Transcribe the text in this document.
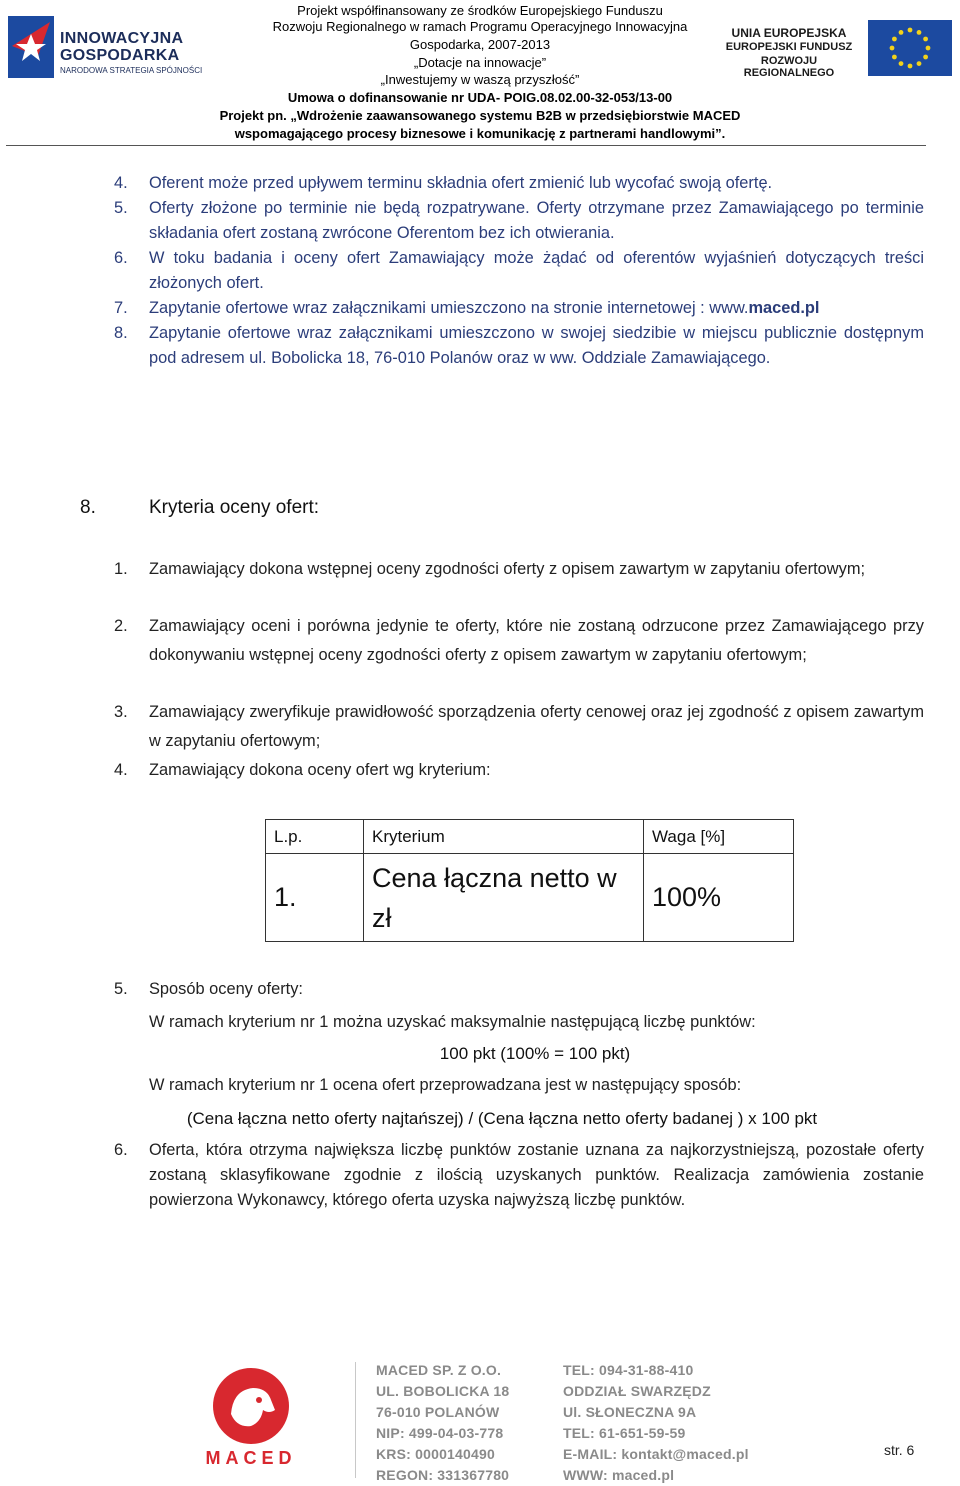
INNOWACYJNA
GOSPODARKA
NARODOWA STRATEGIA SPÓJNOŚCI
Projekt współfinansowany ze środków Europejskiego Funduszu
Rozwoju Regionalnego w ramach Programu Operacyjnego Innowacyjna
Gospodarka, 2007-2013
„Dotacje na innowacje”
„Inwestujemy w waszą przyszłość”
Umowa o dofinansowanie nr UDA- POIG.08.02.00-32-053/13-00
Projekt pn. „Wdrożenie zaawansowanego systemu B2B w przedsiębiorstwie MACED
wspomagającego procesy biznesowe i komunikację z partnerami handlowymi”.
UNIA EUROPEJSKA
EUROPEJSKI FUNDUSZ
ROZWOJU REGIONALNEGO
4.	Oferent może przed upływem terminu składnia ofert zmienić lub wycofać swoją ofertę.
5.	Oferty złożone po terminie nie będą rozpatrywane. Oferty otrzymane przez Zamawiającego po terminie składania ofert zostaną zwrócone Oferentom bez ich otwierania.
6.	W toku badania i oceny ofert Zamawiający może żądać od oferentów wyjaśnień dotyczących treści złożonych ofert.
7.	Zapytanie ofertowe wraz załącznikami umieszczono na stronie internetowej : www.maced.pl
8.	Zapytanie ofertowe wraz załącznikami umieszczono w swojej siedzibie w miejscu publicznie dostępnym pod adresem ul. Bobolicka 18, 76-010 Polanów oraz w ww. Oddziale Zamawiającego.
8.	Kryteria oceny ofert:
1.	Zamawiający dokona wstępnej oceny zgodności oferty z opisem zawartym w zapytaniu ofertowym;
2.	Zamawiający oceni i porówna jedynie te oferty, które nie zostaną odrzucone przez Zamawiającego przy dokonywaniu wstępnej oceny zgodności oferty z opisem zawartym w zapytaniu ofertowym;
3.	Zamawiający zweryfikuje prawidłowość sporządzenia oferty cenowej oraz jej zgodność z opisem zawartym w zapytaniu ofertowym;
4.	Zamawiający dokona oceny ofert wg kryterium:
L.p.	Kryterium	Waga [%]
1.	Cena łączna netto w zł	100%
5.	Sposób oceny oferty:
W ramach kryterium nr 1 można uzyskać maksymalnie następującą liczbę punktów:
100 pkt (100% = 100 pkt)
W ramach kryterium nr 1 ocena ofert przeprowadzana jest w następujący sposób:
(Cena łączna netto oferty najtańszej) / (Cena łączna netto oferty badanej ) x 100 pkt
6.	Oferta, która otrzyma największa liczbę punktów zostanie uznana za najkorzystniejszą, pozostałe oferty zostaną sklasyfikowane zgodnie z ilością uzyskanych punktów. Realizacja zamówienia zostanie powierzona Wykonawcy, którego oferta uzyska najwyższą liczbę punktów.
MACED
MACED SP. Z O.O.
UL. BOBOLICKA 18
76-010 POLANÓW
NIP: 499-04-03-778
KRS: 0000140490
REGON: 331367780
TEL: 094-31-88-410
ODDZIAŁ SWARZĘDZ
Ul. SŁONECZNA 9A
TEL: 61-651-59-59
E-MAIL: kontakt@maced.pl
WWW: maced.pl
str. 6
